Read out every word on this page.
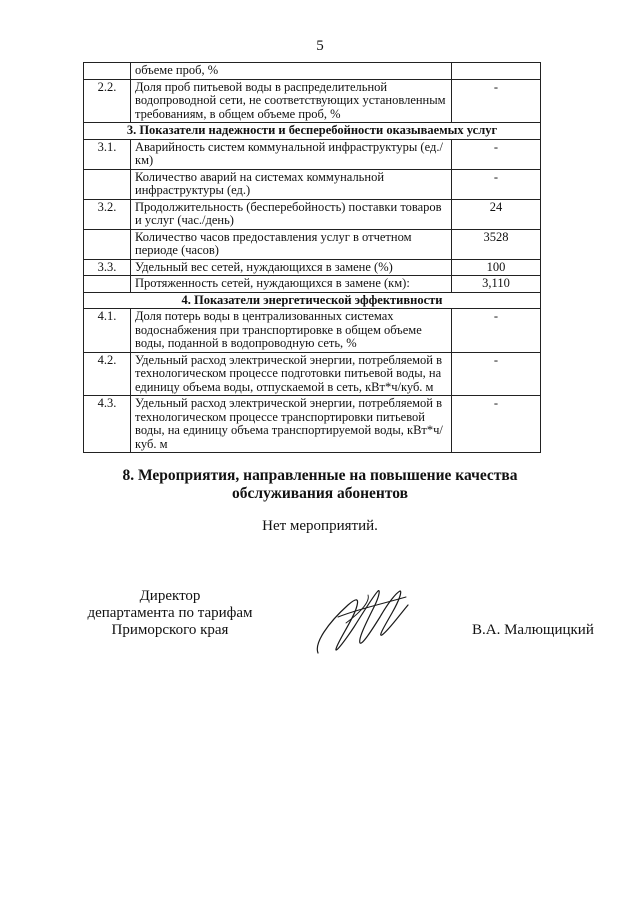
5
	объеме проб, %	
2.2.	Доля проб питьевой воды в распределительной водопроводной сети, не соответствующих установленным требованиям, в общем объеме проб, %	-
3. Показатели надежности и бесперебойности оказываемых услуг		
3.1.	Аварийность систем коммунальной инфраструктуры (ед./км)	-
	Количество аварий на системах коммунальной инфраструктуры (ед.)	-
3.2.	Продолжительность (бесперебойность) поставки товаров и услуг (час./день)	24
	Количество часов предоставления услуг в отчетном периоде (часов)	3528
3.3.	Удельный вес сетей, нуждающихся в замене (%)	100
	Протяженность сетей, нуждающихся в замене (км):	3,110
4. Показатели энергетической эффективности		
4.1.	Доля потерь воды в централизованных системах водоснабжения при транспортировке в общем объеме воды, поданной в водопроводную сеть, %	-
4.2.	Удельный расход электрической энергии, потребляемой в технологическом процессе подготовки питьевой воды, на единицу объема воды, отпускаемой в сеть, кВт*ч/куб. м	-
4.3.	Удельный расход электрической энергии, потребляемой в технологическом процессе транспортировки питьевой воды, на единицу объема транспортируемой воды, кВт*ч/куб. м	-
8. Мероприятия, направленные на повышение качества
обслуживания абонентов
Нет мероприятий.
Директор
департамента по тарифам
Приморского края	В.А. Малющицкий
